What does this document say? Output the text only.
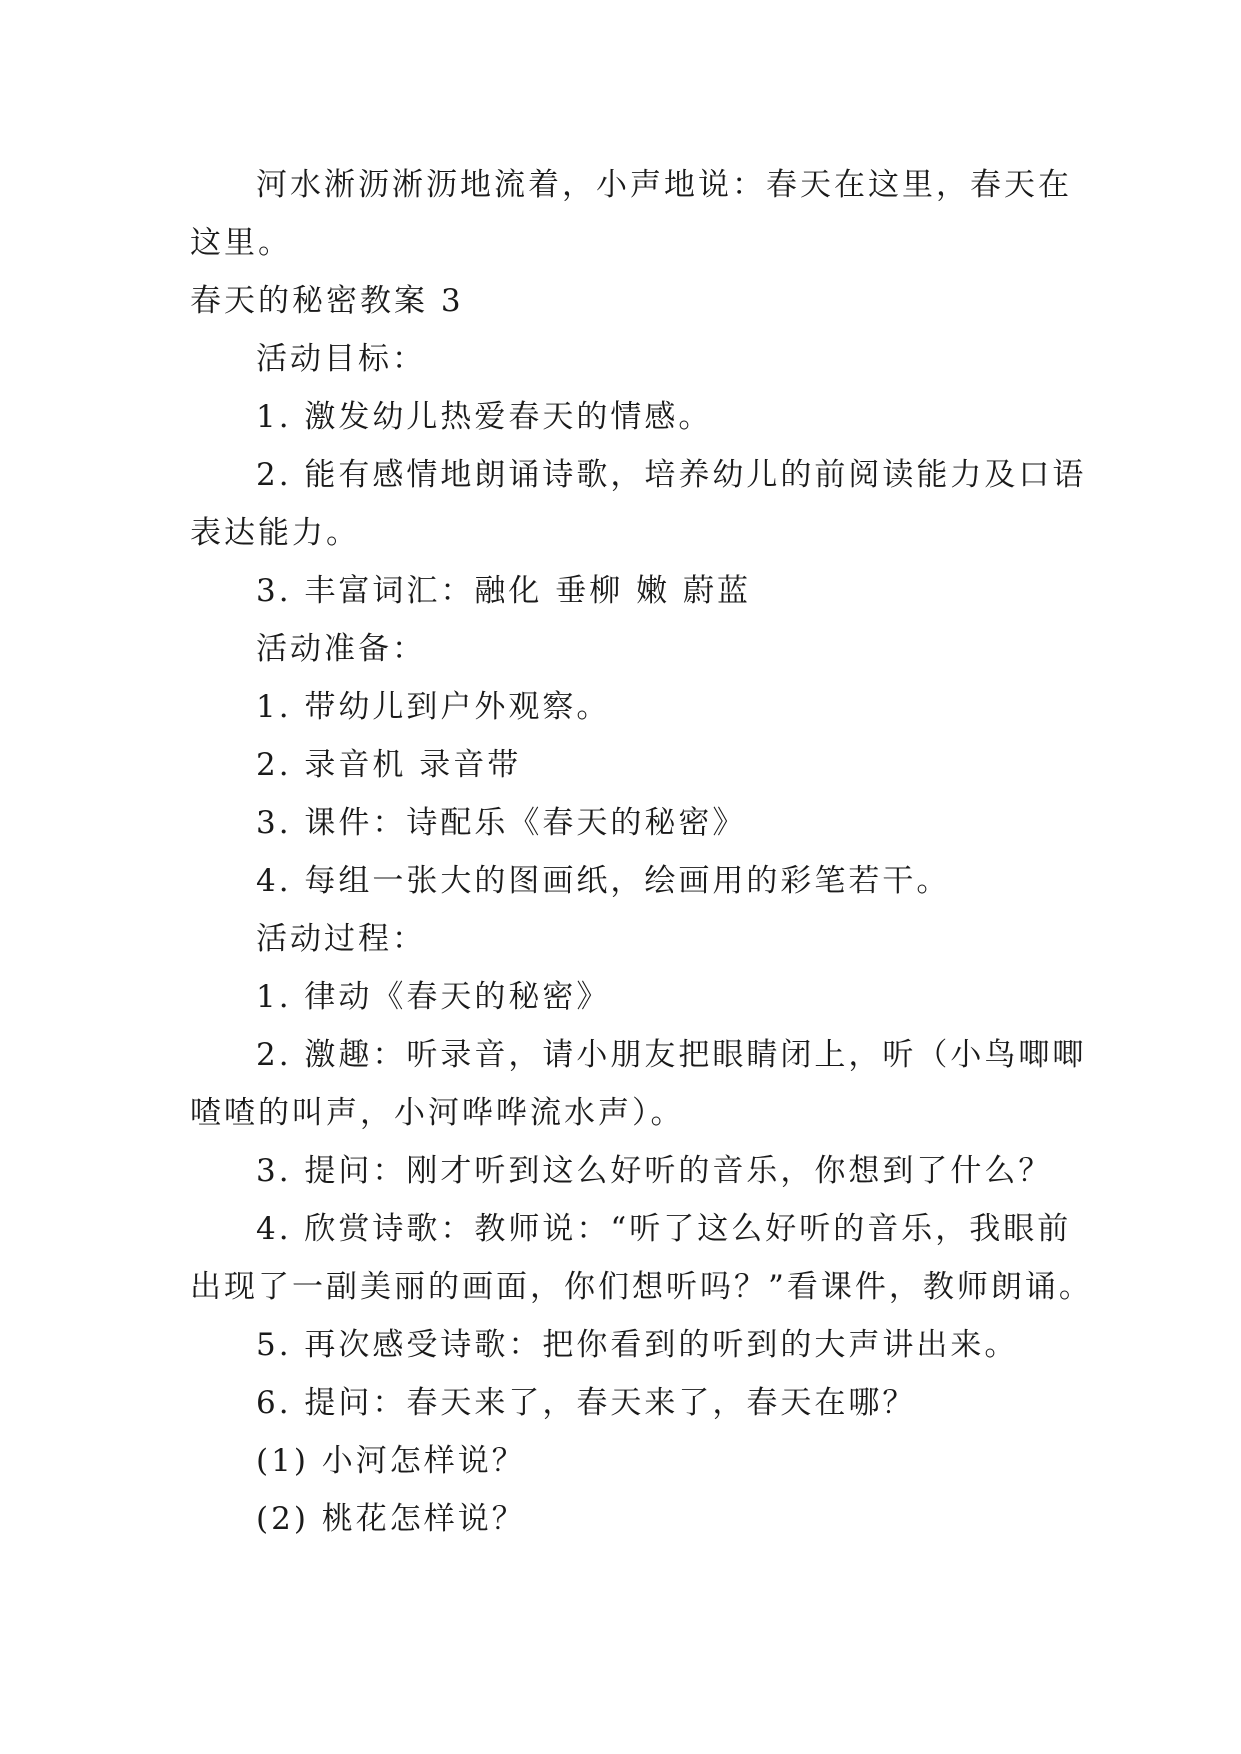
河水淅沥淅沥地流着，小声地说：春天在这里，春天在
这里。
春天的秘密教案 3
活动目标：
1. 激发幼儿热爱春天的情感。
2. 能有感情地朗诵诗歌，培养幼儿的前阅读能力及口语
表达能力。
3. 丰富词汇：融化 垂柳 嫩 蔚蓝
活动准备：
1. 带幼儿到户外观察。
2. 录音机 录音带
3. 课件：诗配乐《春天的秘密》
4. 每组一张大的图画纸，绘画用的彩笔若干。
活动过程：
1. 律动《春天的秘密》
2. 激趣：听录音，请小朋友把眼睛闭上，听（小鸟唧唧
喳喳的叫声，小河哗哗流水声）。
3. 提问：刚才听到这么好听的音乐，你想到了什么？
4. 欣赏诗歌：教师说：“听了这么好听的音乐，我眼前
出现了一副美丽的画面，你们想听吗？”看课件，教师朗诵。
5. 再次感受诗歌：把你看到的听到的大声讲出来。
6. 提问：春天来了，春天来了，春天在哪？
(1) 小河怎样说？
(2) 桃花怎样说？
